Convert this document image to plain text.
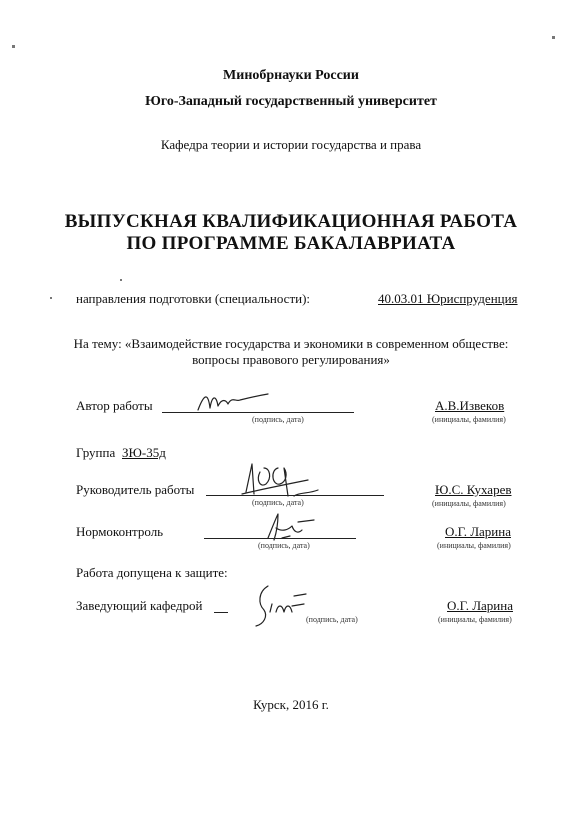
Минобрнауки России
Юго-Западный государственный университет
Кафедра теории и истории государства и права
ВЫПУСКНАЯ КВАЛИФИКАЦИОННАЯ РАБОТА
ПО ПРОГРАММЕ БАКАЛАВРИАТА
направления подготовки (специальности):	40.03.01 Юриспруденция
На тему: «Взаимодействие государства и экономики в современном обществе:
вопросы правового регулирования»
Автор работы
(подпись, дата)
А.В.Извеков
(инициалы, фамилия)
Группа ЗЮ-35д
Руководитель работы
(подпись, дата)
Ю.С. Кухарев
(инициалы, фамилия)
Нормоконтроль
(подпись, дата)
О.Г. Ларина
(инициалы, фамилия)
Работа допущена к защите:
Заведующий кафедрой
(подпись, дата)
О.Г. Ларина
(инициалы, фамилия)
Курск, 2016 г.
